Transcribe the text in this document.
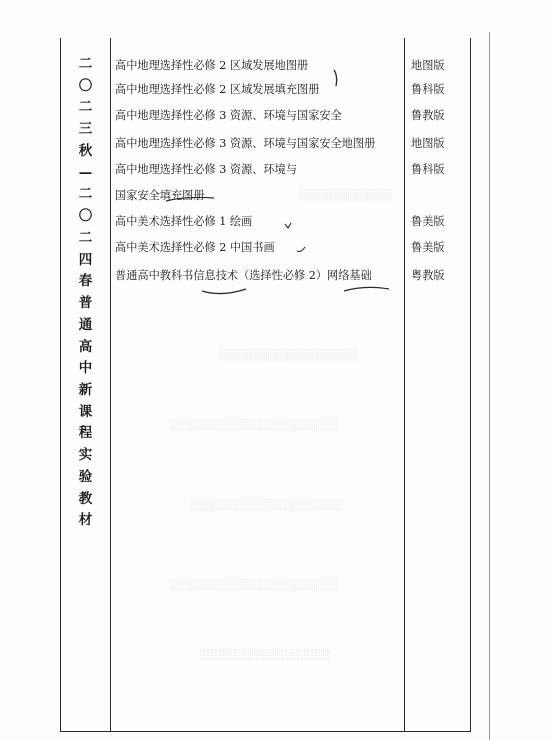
░░░░░░░░░░░░
░░░░░░░░░░░░░░░░░░
░░░░░░░░░░░░░░░░░░░░░░
░░░░░░░░░░░░░░░░░░░░
░░░░░░░░░░░░░░░░░░░░░░
░░░░░░░░░░░░░░░░░
二
〇
二
三
秋
—
二
〇
二
四
春
普
通
高
中
新
课
程
实
验
教
材
高中地理选择性必修 2 区域发展地图册	地图版
高中地理选择性必修 2 区域发展填充图册	鲁科版
高中地理选择性必修 3 资源、环境与国家安全	鲁教版
高中地理选择性必修 3 资源、环境与国家安全地图册	地图版
高中地理选择性必修 3 资源、环境与	鲁科版
国家安全填充图册
高中美术选择性必修 1 绘画	鲁美版
高中美术选择性必修 2 中国书画	鲁美版
普通高中教科书信息技术（选择性必修 2）网络基础	粤教版
